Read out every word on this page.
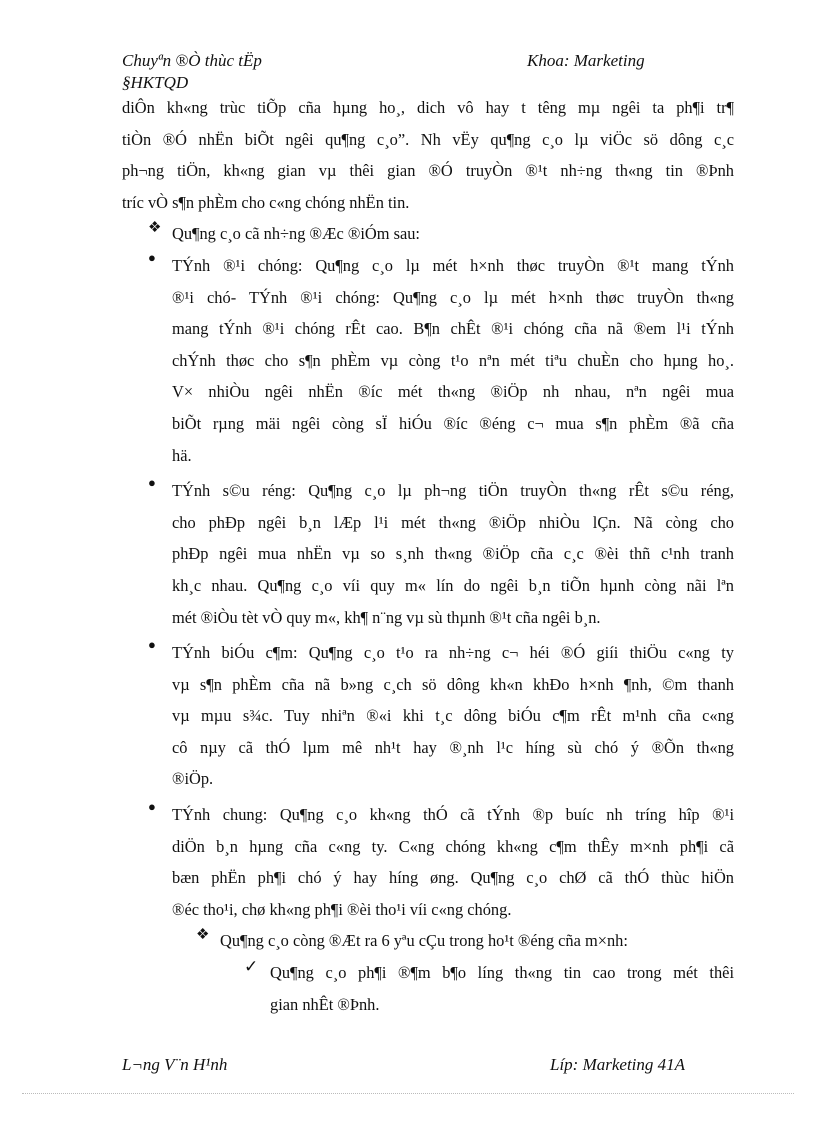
Chuyªn ®Ò thùc tËp
§HKTQD
Khoa: Marketing
diÔn kh«ng trùc tiÕp cña hµng ho¸, dich vô hay t têng mµ ngêi ta ph¶i tr¶
tiÒn ®Ó nhËn biÕt ngêi qu¶ng c¸o”. Nh vËy qu¶ng c¸o lµ viÖc sö dông c¸c
ph¬ng tiÖn, kh«ng gian vµ thêi gian ®Ó truyÒn ®¹t nh÷ng th«ng tin ®Þnh
tríc vÒ s¶n phÈm cho c«ng chóng nhËn tin.
❖ Qu¶ng c¸o cã nh÷ng ®Æc ®iÓm sau:
● TÝnh ®¹i chóng: Qu¶ng c¸o lµ mét h×nh thøc truyÒn ®¹t mang tÝnh
®¹i chó- TÝnh ®¹i chóng: Qu¶ng c¸o lµ mét h×nh thøc truyÒn th«ng
mang tÝnh ®¹i chóng rÊt cao. B¶n chÊt ®¹i chóng cña nã ®em l¹i tÝnh
chÝnh thøc cho s¶n phÈm vµ còng t¹o nªn mét tiªu chuÈn cho hµng ho¸.
V× nhiÒu ngêi nhËn ®íc mét th«ng ®iÖp nh nhau, nªn ngêi mua
biÕt rµng mäi ngêi còng sÏ hiÓu ®íc ®éng c¬ mua s¶n phÈm ®ã cña
hä.
● TÝnh s©u réng: Qu¶ng c¸o lµ ph¬ng tiÖn truyÒn th«ng rÊt s©u réng,
cho phÐp ngêi b¸n lÆp l¹i mét th«ng ®iÖp nhiÒu lÇn. Nã còng cho
phÐp ngêi mua nhËn vµ so s¸nh th«ng ®iÖp cña c¸c ®èi thñ c¹nh tranh
kh¸c nhau. Qu¶ng c¸o víi quy m« lín do ngêi b¸n tiÕn hµnh còng nãi lªn
mét ®iÒu tèt vÒ quy m«, kh¶ n¨ng vµ sù thµnh ®¹t cña ngêi b¸n.
● TÝnh biÓu c¶m: Qu¶ng c¸o t¹o ra nh÷ng c¬ héi ®Ó giíi thiÖu c«ng ty
vµ s¶n phÈm cña nã b»ng c¸ch sö dông kh«n khÐo h×nh ¶nh, ©m thanh
vµ mµu s¾c. Tuy nhiªn ®«i khi t¸c dông biÓu c¶m rÊt m¹nh cña c«ng
cô nµy cã thÓ lµm mê nh¹t hay ®¸nh l¹c híng sù chó ý ®Õn th«ng
®iÖp.
● TÝnh chung: Qu¶ng c¸o kh«ng thÓ cã tÝnh ®p buíc nh tríng hîp ®¹i
diÖn b¸n hµng cña c«ng ty. C«ng chóng kh«ng c¶m thÊy m×nh ph¶i cã
bæn phËn ph¶i chó ý hay híng øng. Qu¶ng c¸o chØ cã thÓ thùc hiÖn
®éc tho¹i, chø kh«ng ph¶i ®èi tho¹i víi c«ng chóng.
❖ Qu¶ng c¸o còng ®Æt ra 6 yªu cÇu trong ho¹t ®éng cña m×nh:
✓ Qu¶ng c¸o ph¶i ®¶m b¶o líng th«ng tin cao trong mét thêi
gian nhÊt ®Þnh.
L¬ng V¨n H¹nh	Líp: Marketing 41A
